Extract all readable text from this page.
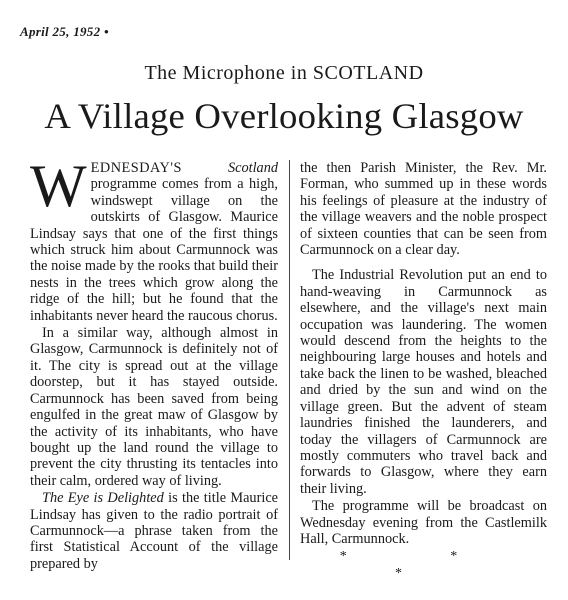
April 25, 1952 •
The Microphone in SCOTLAND
A Village Overlooking Glasgow

WEDNESDAY'S	Scotland programme comes from a high, windswept village on the outskirts of Glasgow. Maurice Lindsay says that one of the first things which struck him about Carmunnock was the noise made by the rooks that build their nests in the trees which grow along the ridge of the hill; but he found that the inhabitants never heard the raucous chorus.

In a similar way, although almost in Glasgow, Carmunnock is definitely not of it. The city is spread out at the village doorstep, but it has stayed outside. Carmunnock has been saved from being engulfed in the great maw of Glasgow by the activity of its inhabitants, who have bought up the land round the village to prevent the city thrusting its tentacles into their calm, ordered way of living.

The Eye is Delighted is the title Maurice Lindsay has given to the radio portrait of Carmunnock—a phrase taken from the first Statistical Account of the village prepared by

the then Parish Minister, the Rev. Mr. Forman, who summed up in these words his feelings of pleasure at the industry of the village weavers and the noble prospect of sixteen counties that can be seen from Carmunnock on a clear day.

The Industrial Revolution put an end to hand-weaving in Carmunnock as elsewhere, and the village's next main occupation was laundering. The women would descend from the heights to the neighbouring large houses and hotels and take back the linen to be washed, bleached and dried by the sun and wind on the village green. But the advent of steam laundries finished the launderers, and today the villagers of Carmunnock are mostly commuters who travel back and forwards to Glasgow, where they earn their living.

The programme will be broadcast on Wednesday evening from the Castlemilk Hall, Carmunnock.

* * *
